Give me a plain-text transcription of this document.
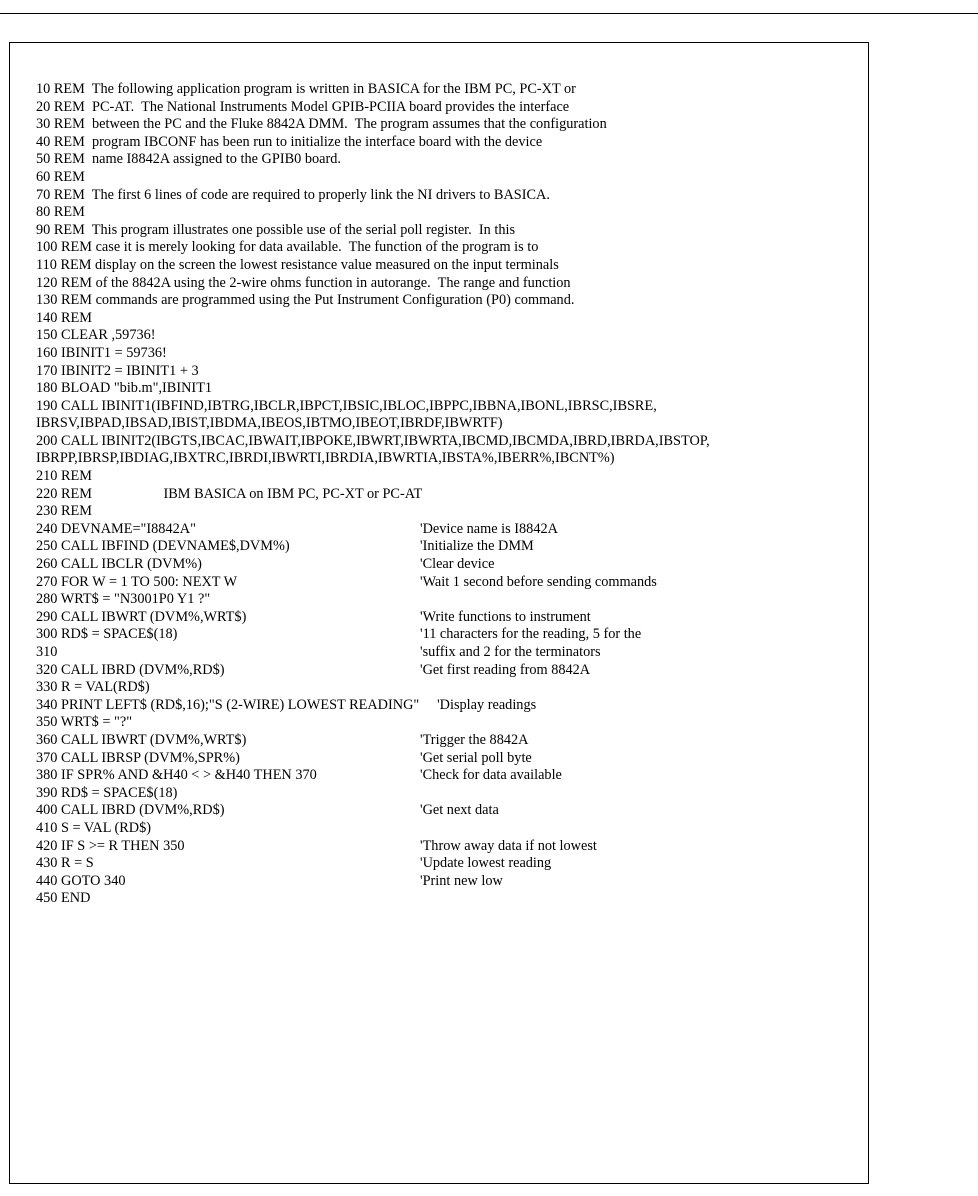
10 REM  The following application program is written in BASICA for the IBM PC, PC-XT or
20 REM  PC-AT.  The National Instruments Model GPIB-PCIIA board provides the interface
30 REM  between the PC and the Fluke 8842A DMM.  The program assumes that the configuration
40 REM  program IBCONF has been run to initialize the interface board with the device
50 REM  name I8842A assigned to the GPIB0 board.
60 REM
70 REM  The first 6 lines of code are required to properly link the NI drivers to BASICA.
80 REM
90 REM  This program illustrates one possible use of the serial poll register.  In this
100 REM case it is merely looking for data available.  The function of the program is to
110 REM display on the screen the lowest resistance value measured on the input terminals
120 REM of the 8842A using the 2-wire ohms function in autorange.  The range and function
130 REM commands are programmed using the Put Instrument Configuration (P0) command.
140 REM
150 CLEAR ,59736!
160 IBINIT1 = 59736!
170 IBINIT2 = IBINIT1 + 3
180 BLOAD "bib.m",IBINIT1
190 CALL IBINIT1(IBFIND,IBTRG,IBCLR,IBPCT,IBSIC,IBLOC,IBPPC,IBBNA,IBONL,IBRSC,IBSRE,
IBRSV,IBPAD,IBSAD,IBIST,IBDMA,IBEOS,IBTMO,IBEOT,IBRDF,IBWRTF)
200 CALL IBINIT2(IBGTS,IBCAC,IBWAIT,IBPOKE,IBWRT,IBWRTA,IBCMD,IBCMDA,IBRD,IBRDA,IBSTOP,
IBRPP,IBRSP,IBDIAG,IBXTRC,IBRDI,IBWRTI,IBRDIA,IBWRTIA,IBSTA%,IBERR%,IBCNT%)
210 REM
220 REM                    IBM BASICA on IBM PC, PC-XT or PC-AT
230 REM
240 DEVNAME="I8842A"	'Device name is I8842A
250 CALL IBFIND (DEVNAME$,DVM%)	'Initialize the DMM
260 CALL IBCLR (DVM%)	'Clear device
270 FOR W = 1 TO 500: NEXT W	'Wait 1 second before sending commands
280 WRT$ = "N3001P0 Y1 ?"
290 CALL IBWRT (DVM%,WRT$)	'Write functions to instrument
300 RD$ = SPACE$(18)	'11 characters for the reading, 5 for the
310	'suffix and 2 for the terminators
320 CALL IBRD (DVM%,RD$)	'Get first reading from 8842A
330 R = VAL(RD$)
340 PRINT LEFT$ (RD$,16);"S (2-WIRE) LOWEST READING"     'Display readings
350 WRT$ = "?"
360 CALL IBWRT (DVM%,WRT$)	'Trigger the 8842A
370 CALL IBRSP (DVM%,SPR%)	'Get serial poll byte
380 IF SPR% AND &H40 < > &H40 THEN 370	'Check for data available
390 RD$ = SPACE$(18)
400 CALL IBRD (DVM%,RD$)	'Get next data
410 S = VAL (RD$)
420 IF S >= R THEN 350	'Throw away data if not lowest
430 R = S	'Update lowest reading
440 GOTO 340	'Print new low
450 END
